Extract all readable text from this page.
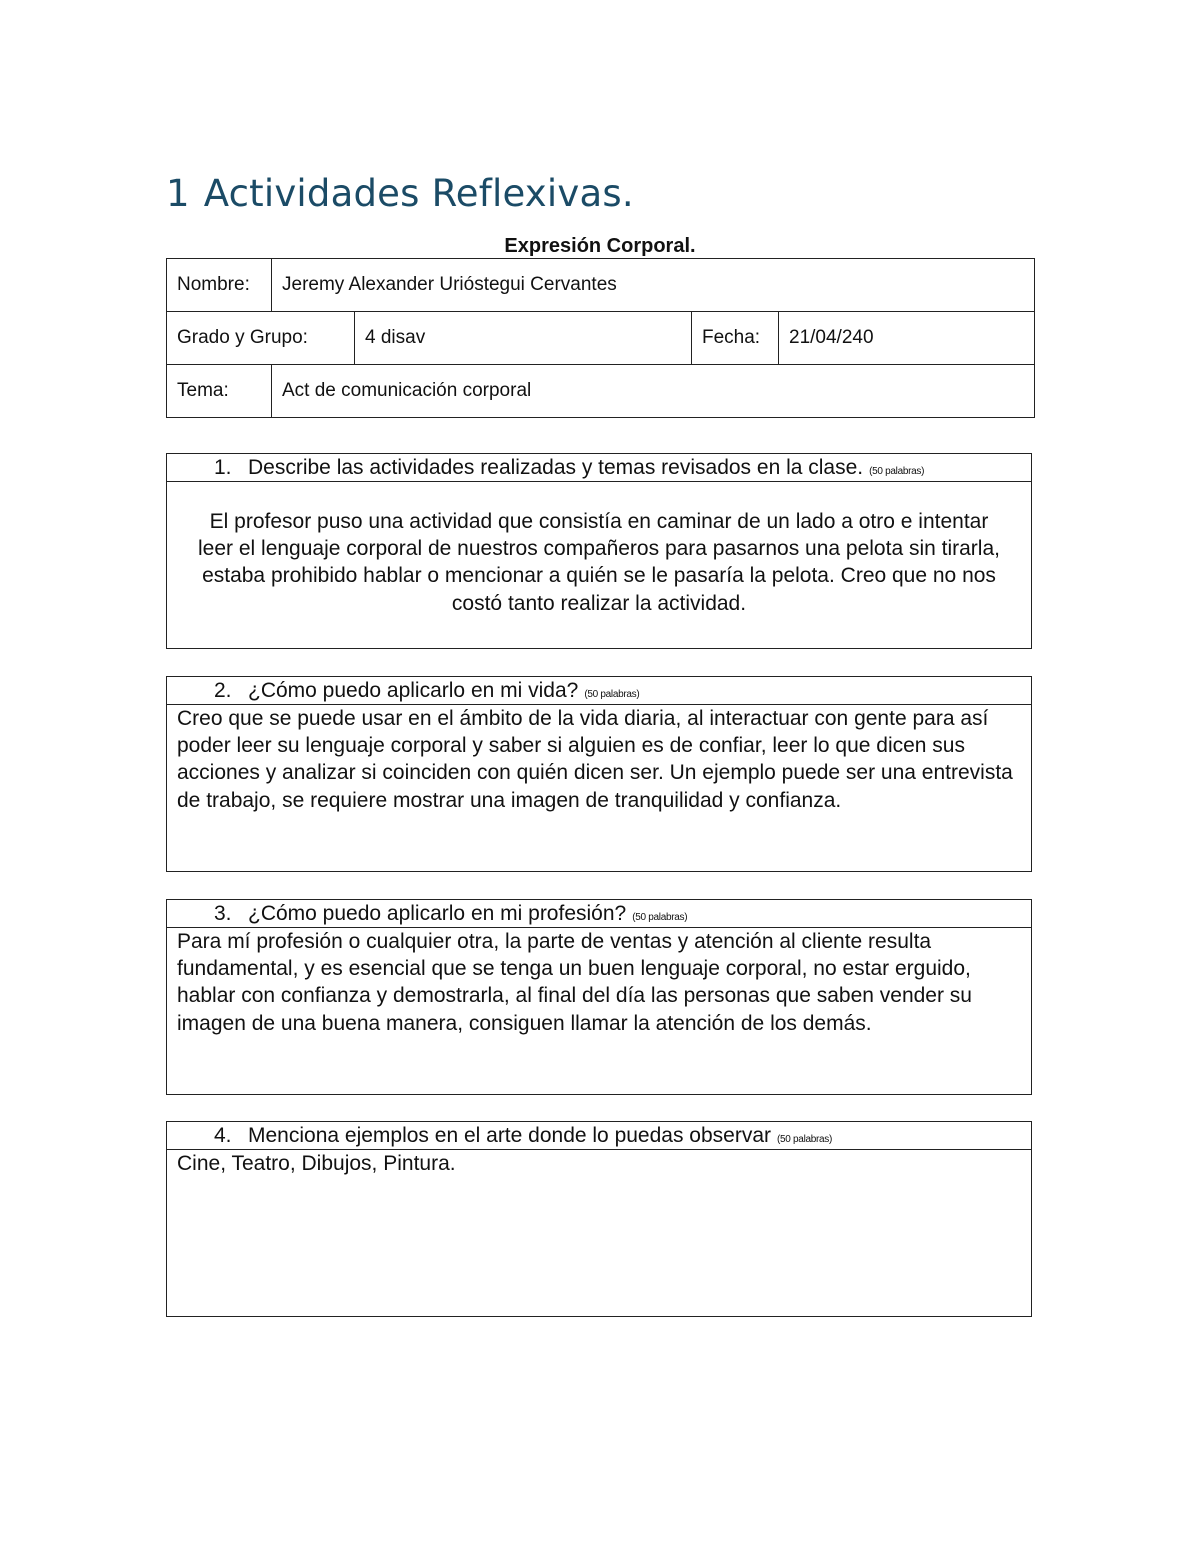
1 Actividades Reflexivas.
Expresión Corporal.
Nombre:	Jeremy Alexander Urióstegui Cervantes			
Grado y Grupo:		4 disav	Fecha:	21/04/240
Tema:	Act de comunicación corporal			
1. Describe las actividades realizadas y temas revisados en la clase. (50 palabras)
El profesor puso una actividad que consistía en caminar de un lado a otro e intentar leer el lenguaje corporal de nuestros compañeros para pasarnos una pelota sin tirarla, estaba prohibido hablar o mencionar a quién se le pasaría la pelota. Creo que no nos costó tanto realizar la actividad.
2. ¿Cómo puedo aplicarlo en mi vida? (50 palabras)
Creo que se puede usar en el ámbito de la vida diaria, al interactuar con gente para así poder leer su lenguaje corporal y saber si alguien es de confiar, leer lo que dicen sus acciones y analizar si coinciden con quién dicen ser. Un ejemplo puede ser una entrevista de trabajo, se requiere mostrar una imagen de tranquilidad y confianza.
3. ¿Cómo puedo aplicarlo en mi profesión? (50 palabras)
Para mí profesión o cualquier otra, la parte de ventas y atención al cliente resulta fundamental, y es esencial que se tenga un buen lenguaje corporal, no estar erguido, hablar con confianza y demostrarla, al final del día las personas que saben vender su imagen de una buena manera, consiguen llamar la atención de los demás.
4. Menciona ejemplos en el arte donde lo puedas observar (50 palabras)
Cine, Teatro, Dibujos, Pintura.
